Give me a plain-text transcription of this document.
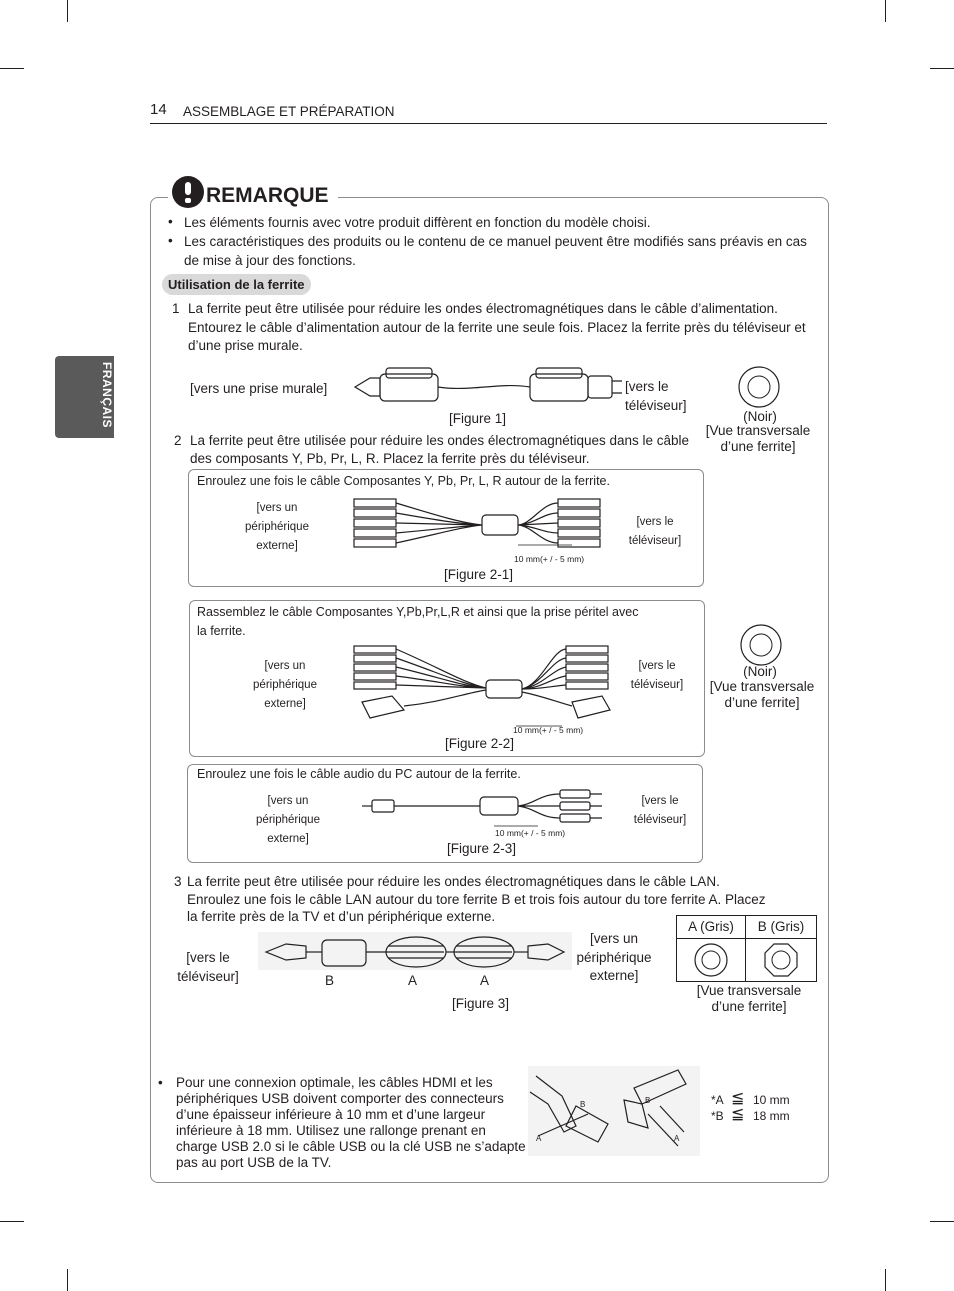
14 ASSEMBLAGE ET PRÉPARATION
FRANÇAIS
REMARQUE
• Les éléments fournis avec votre produit diffèrent en fonction du modèle choisi.
• Les caractéristiques des produits ou le contenu de ce manuel peuvent être modifiés sans préavis en cas de mise à jour des fonctions.
Utilisation de la ferrite
1 La ferrite peut être utilisée pour réduire les ondes électromagnétiques dans le câble d’alimentation. Entourez le câble d’alimentation autour de la ferrite une seule fois. Placez la ferrite près du téléviseur et d’une prise murale.
[vers une prise murale]	[vers le téléviseur]
[Figure 1]	(Noir)
[Vue transversale d’une ferrite]
2 La ferrite peut être utilisée pour réduire les ondes électromagnétiques dans le câble des composants Y, Pb, Pr, L, R. Placez la ferrite près du téléviseur.
Enroulez une fois le câble Composantes Y, Pb, Pr, L, R autour de la ferrite.
[vers un périphérique externe]
[vers le téléviseur]
10 mm(+ / - 5 mm)
[Figure 2-1]
Rassemblez le câble Composantes Y,Pb,Pr,L,R et ainsi que la prise péritel avec la ferrite.
[vers un périphérique externe]
[vers le téléviseur]
10 mm(+ / - 5 mm)
[Figure 2-2]
(Noir)
[Vue transversale d’une ferrite]
Enroulez une fois le câble audio du PC autour de la ferrite.
[vers un périphérique externe]
[vers le téléviseur]
10 mm(+ / - 5 mm)
[Figure 2-3]
3 La ferrite peut être utilisée pour réduire les ondes électromagnétiques dans le câble LAN. Enroulez une fois le câble LAN autour du tore ferrite B et trois fois autour du tore ferrite A. Placez la ferrite près de la TV et d’un périphérique externe.
[vers le téléviseur]
[vers un périphérique externe]
B	A	A
[Figure 3]
A (Gris)	B (Gris)
[Vue transversale d’une ferrite]
• Pour une connexion optimale, les câbles HDMI et les périphériques USB doivent comporter des connecteurs d’une épaisseur inférieure à 10 mm et d’une largeur inférieure à 18 mm. Utilisez une rallonge prenant en charge USB 2.0 si le câble USB ou la clé USB ne s’adapte pas au port USB de la TV.
A
B	B
A
*A ≦ 10 mm
*B ≦ 18 mm
